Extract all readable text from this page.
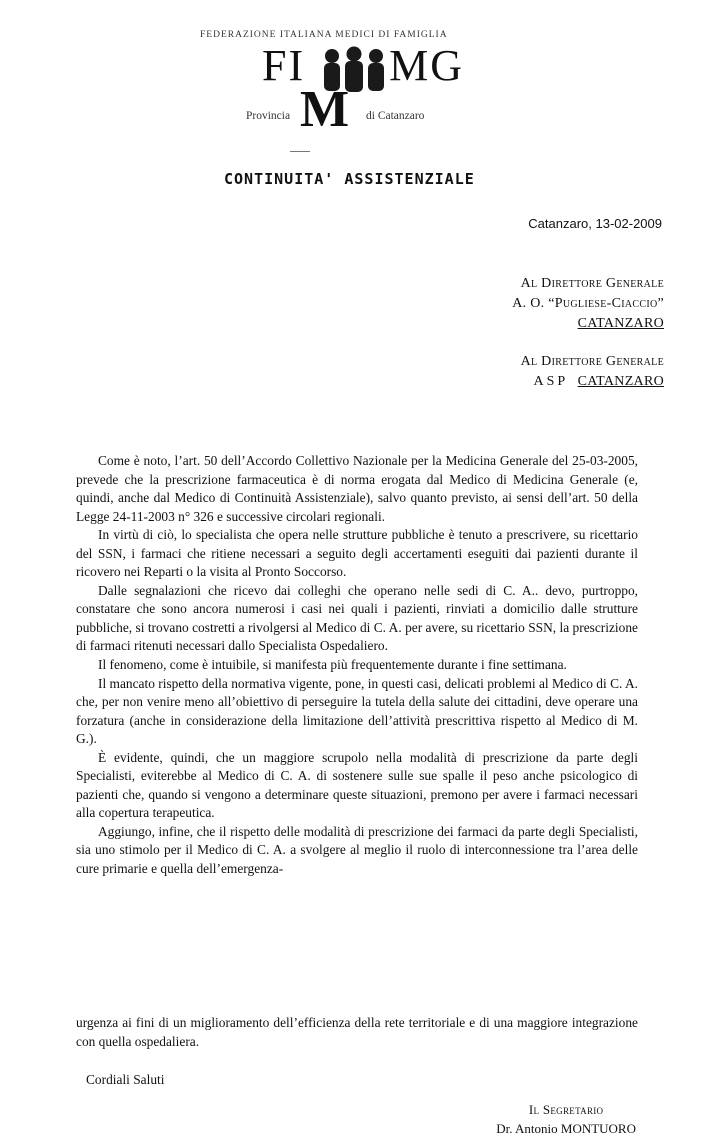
FEDERAZIONE ITALIANA MEDICI DI FAMIGLIA
FI MG
M
Provincia	di Catanzaro
CONTINUITA' ASSISTENZIALE
Catanzaro, 13-02-2009
Al Direttore Generale
A. O. “Pugliese-Ciaccio”
CATANZARO
Al Direttore Generale
ASP CATANZARO

Come è noto, l’art. 50 dell’Accordo Collettivo Nazionale per la Medicina Generale del 25-03-2005, prevede che la prescrizione farmaceutica è di norma erogata dal Medico di Medicina Generale (e, quindi, anche dal Medico di Continuità Assistenziale), salvo quanto previsto, ai sensi dell’art. 50 della Legge 24-11-2003 n° 326 e successive circolari regionali.

In virtù di ciò, lo specialista che opera nelle strutture pubbliche è tenuto a prescrivere, su ricettario del SSN, i farmaci che ritiene necessari a seguito degli accertamenti eseguiti dai pazienti durante il ricovero nei Reparti o la visita al Pronto Soccorso.

Dalle segnalazioni che ricevo dai colleghi che operano nelle sedi di C. A.. devo, purtroppo, constatare che sono ancora numerosi i casi nei quali i pazienti, rinviati a domicilio dalle strutture pubbliche, si trovano costretti a rivolgersi al Medico di C. A. per avere, su ricettario SSN, la prescrizione di farmaci ritenuti necessari dallo Specialista Ospedaliero.

Il fenomeno, come è intuibile, si manifesta più frequentemente durante i fine settimana.

Il mancato rispetto della normativa vigente, pone, in questi casi, delicati problemi al Medico di C. A. che, per non venire meno all’obiettivo di perseguire la tutela della salute dei cittadini, deve operare una forzatura (anche in considerazione della limitazione dell’attività prescrittiva rispetto al Medico di M. G.).

È evidente, quindi, che un maggiore scrupolo nella modalità di prescrizione da parte degli Specialisti, eviterebbe al Medico di C. A. di sostenere sulle sue spalle il peso anche psicologico di pazienti che, quando si vengono a determinare queste situazioni, premono per avere i farmaci necessari alla copertura terapeutica.

Aggiungo, infine, che il rispetto delle modalità di prescrizione dei farmaci da parte degli Specialisti, sia uno stimolo per il Medico di C. A. a svolgere al meglio il ruolo di interconnessione tra l’area delle cure primarie e quella dell’emergenza-

urgenza ai fini di un miglioramento dell’efficienza della rete territoriale e di una maggiore integrazione con quella ospedaliera.

Cordiali Saluti
Il Segretario
Dr. Antonio MONTUORO
